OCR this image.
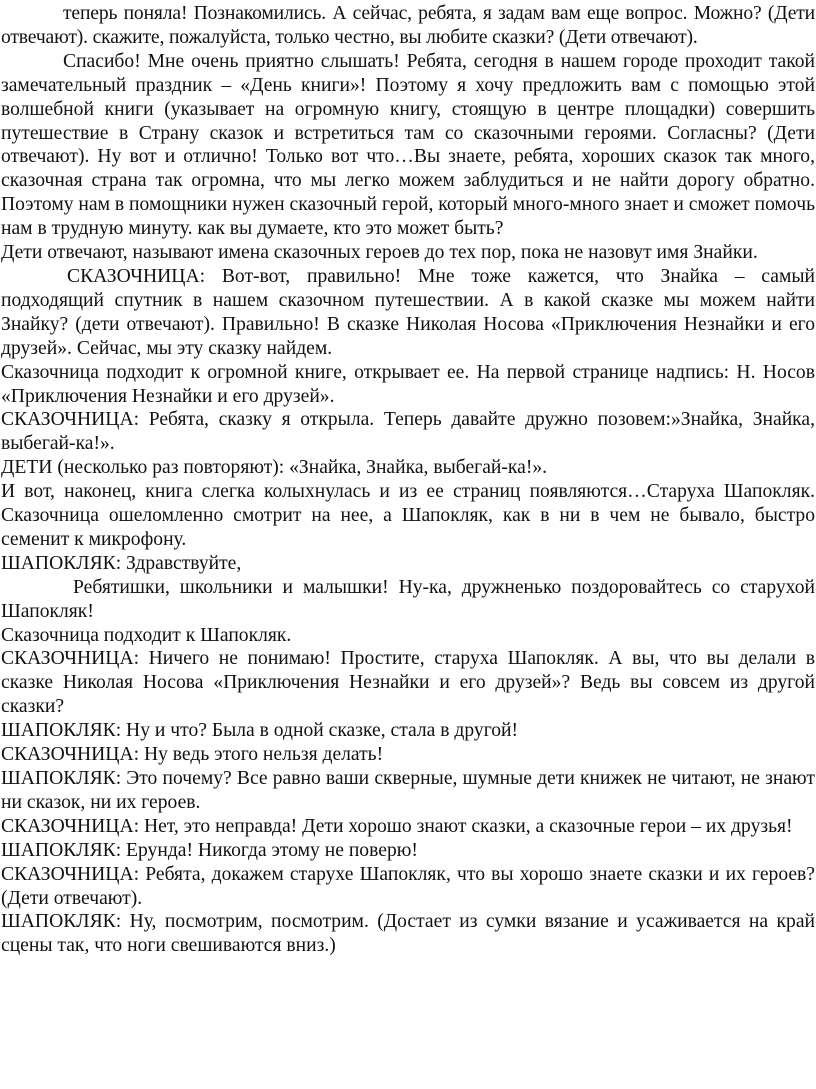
теперь поняла! Познакомились. А сейчас, ребята, я задам вам еще вопрос. Можно? (Дети отвечают). скажите, пожалуйста, только честно, вы любите сказки? (Дети отвечают).

Спасибо! Мне очень приятно слышать! Ребята, сегодня в нашем городе проходит такой замечательный праздник – «День книги»! Поэтому я хочу предложить вам с помощью этой волшебной книги (указывает на огромную книгу, стоящую в центре площадки) совершить путешествие в Страну сказок и встретиться там со сказочными героями. Согласны? (Дети отвечают). Ну вот и отлично! Только вот что…Вы знаете, ребята, хороших сказок так много, сказочная страна так огромна, что мы легко можем заблудиться и не найти дорогу обратно. Поэтому нам в помощники нужен сказочный герой, который много-много знает и сможет помочь нам в трудную минуту. как вы думаете, кто это может быть?

Дети отвечают, называют имена сказочных героев до тех пор, пока не назовут имя Знайки.

СКАЗОЧНИЦА: Вот-вот, правильно! Мне тоже кажется, что Знайка – самый подходящий спутник в нашем сказочном путешествии. А в какой сказке мы можем найти Знайку? (дети отвечают). Правильно! В сказке Николая Носова «Приключения Незнайки и его друзей». Сейчас, мы эту сказку найдем.

Сказочница подходит к огромной книге, открывает ее. На первой странице надпись: Н. Носов «Приключения Незнайки и его друзей».

СКАЗОЧНИЦА: Ребята, сказку я открыла. Теперь давайте дружно позовем:»Знайка, Знайка, выбегай-ка!».

ДЕТИ (несколько раз повторяют): «Знайка, Знайка, выбегай-ка!».

И вот, наконец, книга слегка колыхнулась и из ее страниц появляются…Старуха Шапокляк. Сказочница ошеломленно смотрит на нее, а Шапокляк, как в ни в чем не бывало, быстро семенит к микрофону.

ШАПОКЛЯК: Здравствуйте,

Ребятишки, школьники и малышки! Ну-ка, дружненько поздоровайтесь со старухой Шапокляк!

Сказочница подходит к Шапокляк.

СКАЗОЧНИЦА: Ничего не понимаю! Простите, старуха Шапокляк. А вы, что вы делали в сказке Николая Носова «Приключения Незнайки и его друзей»? Ведь вы совсем из другой сказки?

ШАПОКЛЯК: Ну и что? Была в одной сказке, стала в другой!

СКАЗОЧНИЦА: Ну ведь этого нельзя делать!

ШАПОКЛЯК: Это почему? Все равно ваши скверные, шумные дети книжек не читают, не знают ни сказок, ни их героев.

СКАЗОЧНИЦА: Нет, это неправда! Дети хорошо знают сказки, а сказочные герои – их друзья!

ШАПОКЛЯК: Ерунда! Никогда этому не поверю!

СКАЗОЧНИЦА: Ребята, докажем старухе Шапокляк, что вы хорошо знаете сказки и их героев? (Дети отвечают).

ШАПОКЛЯК: Ну, посмотрим, посмотрим. (Достает из сумки вязание и усаживается на край сцены так, что ноги свешиваются вниз.)
